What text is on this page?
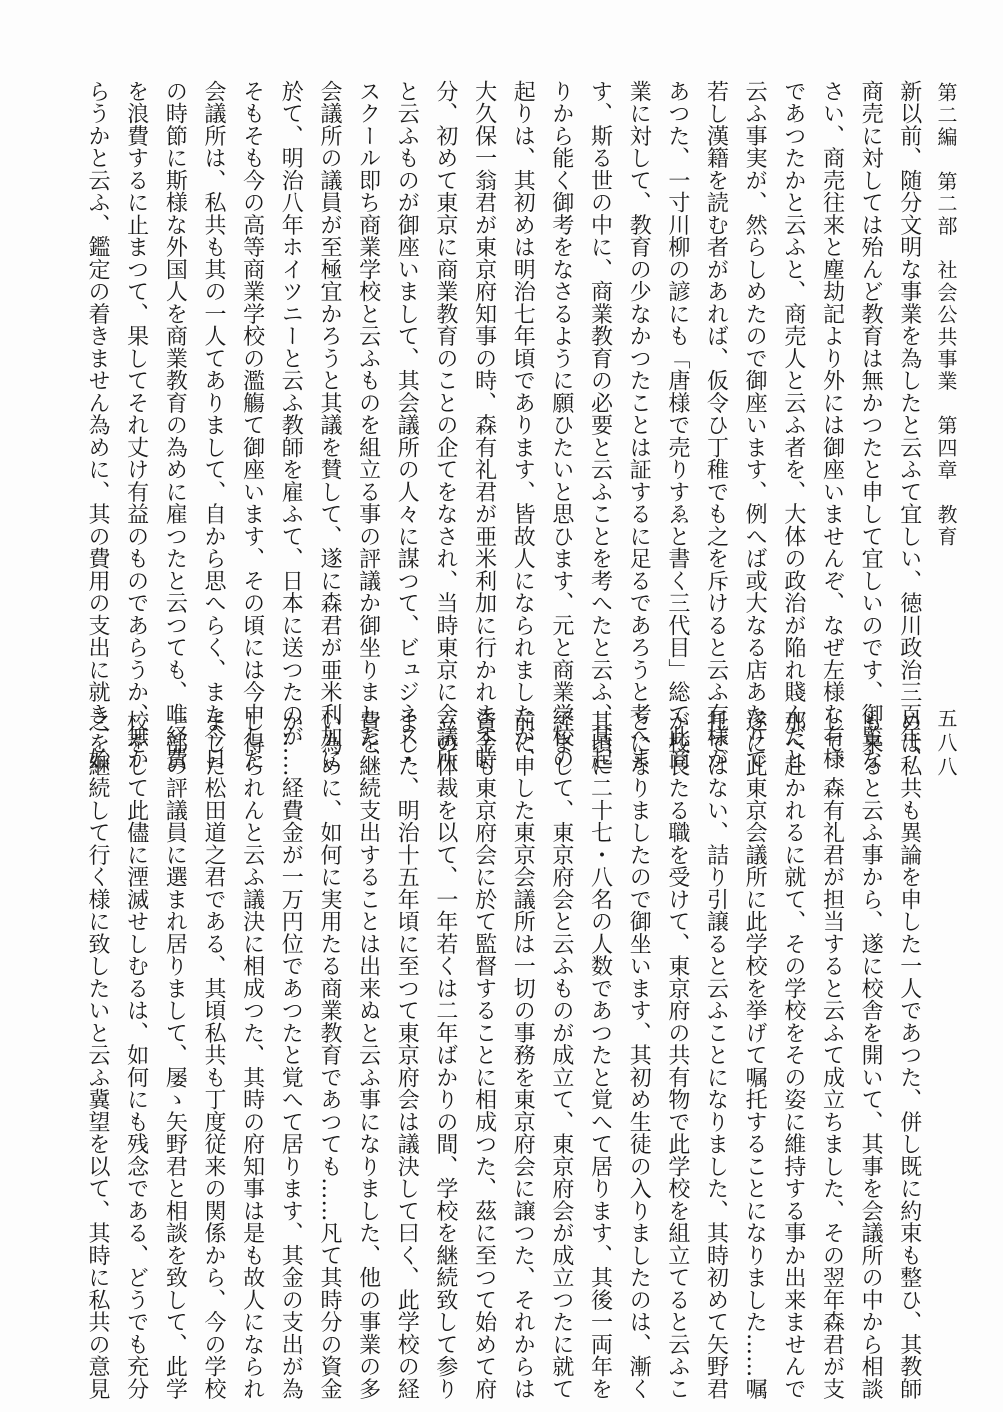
第二編　第二部　社会公共事業　第四章　教育
五八八
新以前、随分文明な事業を為したと云ふて宜しい、徳川政治三百年、
商売に対しては殆んど教育は無かつたと申して宜しいのです、御覧な
さい、商売往来と塵劫記より外には御座いませんぞ、なぜ左様な有様
であつたかと云ふと、商売人と云ふ者を、大体の政治が陥れ賤んだと
云ふ事実が、然らしめたので御座います、例へば或大なる店あたりで
若し漢籍を読む者があれば、仮令ひ丁稚でも之を斥けると云ふ有様が
あつた、一寸川柳の諺にも「唐様で売りすゑと書く三代目」総て此商
業に対して、教育の少なかつたことは証するに足るであろうと考へま
す、斯る世の中に、商業教育の必要と云ふことを考へたと云ふ、其起
りから能く御考をなさるように願ひたいと思ひます、元と商業学校の
起りは、其初めは明治七年頃であります、皆故人になられましたが、
大久保一翁君が東京府知事の時、森有礼君が亜米利加に行かれます時
分、初めて東京に商業教育のことの企てをなされ、当時東京に会議所
と云ふものが御座いまして、其会議所の人々に謀つて、ビュジネス・
スクール即ち商業学校と云ふものを組立る事の評議か御坐りました、
会議所の議員が至極宜かろうと其議を賛して、遂に森君が亜米利加に
於て、明治八年ホイツニーと云ふ教師を雇ふて、日本に送つたのが
そもそも今の高等商業学校の濫觴て御座います、その頃には今申した
会議所は、私共も其の一人てありまして、自から思へらく、また今日
の時節に斯様な外国人を商業教育の為めに雇つたと云つても、唯経費
を浪費するに止まつて、果してそれ丈け有益のものであらうか、無か
らうかと云ふ、鑑定の着きません為めに、其の費用の支出に就き、始
めは私共も異論を申した一人であつた、併し既に約束も整ひ、其教師
も来ると云ふ事から、遂に校舎を開いて、其事を会議所の中から相談
して、森有礼君が担当すると云ふて成立ちました、その翌年森君が支
那へ赴かれるに就て、その学校をその姿に維持する事か出来ませんで
遂に此東京会議所に此学校を挙げて嘱托することになりました……嘱
托ではない、詰り引譲ると云ふことになりました、其時初めて矢野君
が校長たる職を受けて、東京府の共有物で此学校を組立てると云ふこ
とになりましたので御坐います、其初め生徒の入りましたのは、漸く
其頃に二十七・八名の人数であつたと覚へて居ります、其後一両年を
経まして、東京府会と云ふものが成立て、東京府会が成立つたに就て
前に申した東京会議所は一切の事務を東京府会に譲つた、それからは
資金も東京府会に於て監督することに相成つた、茲に至つて始めて府
立の体裁を以て、一年若くは二年ばかりの間、学校を継続致して参り
ました、明治十五年頃に至つて東京府会は議決して曰く、此学校の経
費を継続支出することは出来ぬと云ふ事になりました、他の事業の多
い為めに、如何に実用たる商業教育であつても……凡て其時分の資金
か……経費金が一万円位であつたと覚へて居ります、其金の支出が為
し得られんと云ふ議決に相成つた、其時の府知事は是も故人になられ
ました松田道之君である、其頃私共も丁度従来の関係から、今の学校
一部の評議員に選まれ居りまして、屡ゝ矢野君と相談を致して、此学
校をして此儘に湮滅せしむるは、如何にも残念である、どうでも充分
之を継続して行く様に致したいと云ふ冀望を以て、其時に私共の意見
